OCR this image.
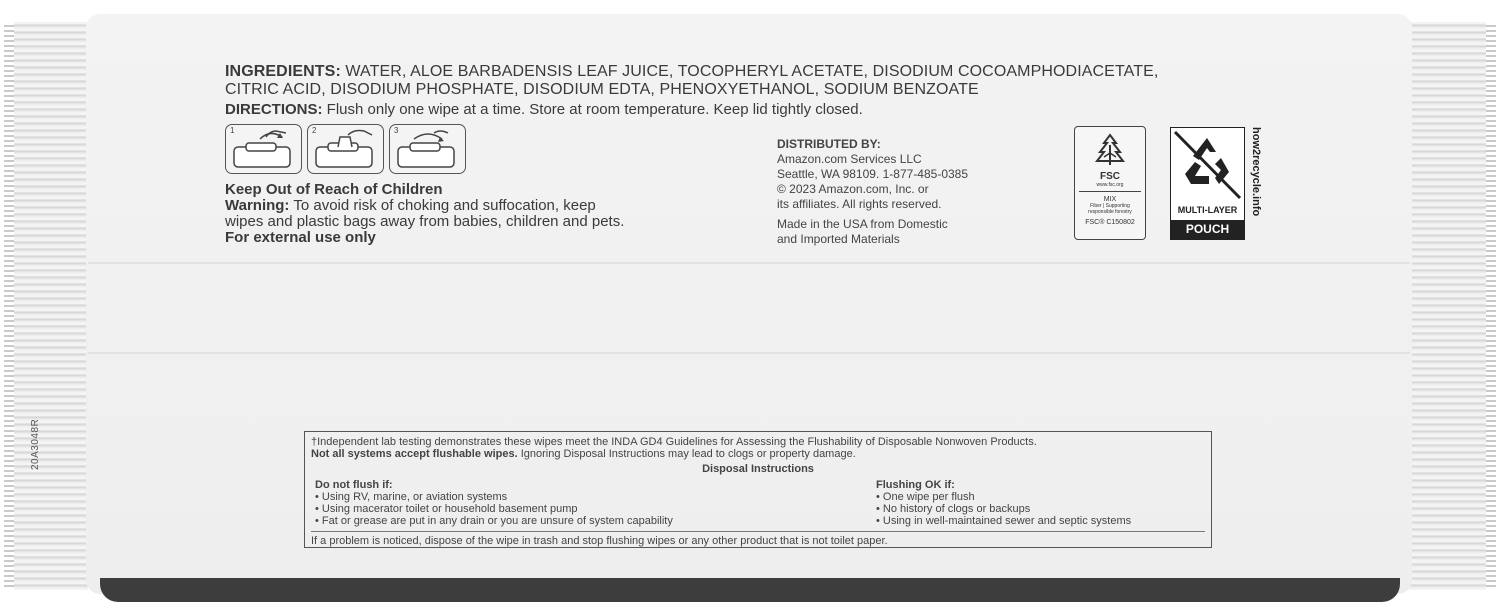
20A3048R
INGREDIENTS: WATER, ALOE BARBADENSIS LEAF JUICE, TOCOPHERYL ACETATE, DISODIUM COCOAMPHODIACETATE,
CITRIC ACID, DISODIUM PHOSPHATE, DISODIUM EDTA, PHENOXYETHANOL, SODIUM BENZOATE
DIRECTIONS: Flush only one wipe at a time. Store at room temperature. Keep lid tightly closed.
1	2	3
Keep Out of Reach of Children
Warning: To avoid risk of choking and suffocation, keep
wipes and plastic bags away from babies, children and pets.
For external use only
DISTRIBUTED BY:
Amazon.com Services LLC
Seattle, WA 98109. 1-877-485-0385
© 2023 Amazon.com, Inc. or
its affiliates. All rights reserved.
Made in the USA from Domestic
and Imported Materials
FSC
www.fsc.org
MIX
Fiber | Supporting
responsible forestry
FSC® C150802
MULTI-LAYER
POUCH
how2recycle.info
†Independent lab testing demonstrates these wipes meet the INDA GD4 Guidelines for Assessing the Flushability of Disposable Nonwoven Products.
Not all systems accept flushable wipes. Ignoring Disposal Instructions may lead to clogs or property damage.
Disposal Instructions
Do not flush if:
• Using RV, marine, or aviation systems
• Using macerator toilet or household basement pump
• Fat or grease are put in any drain or you are unsure of system capability
Flushing OK if:
• One wipe per flush
• No history of clogs or backups
• Using in well-maintained sewer and septic systems
If a problem is noticed, dispose of the wipe in trash and stop flushing wipes or any other product that is not toilet paper.
